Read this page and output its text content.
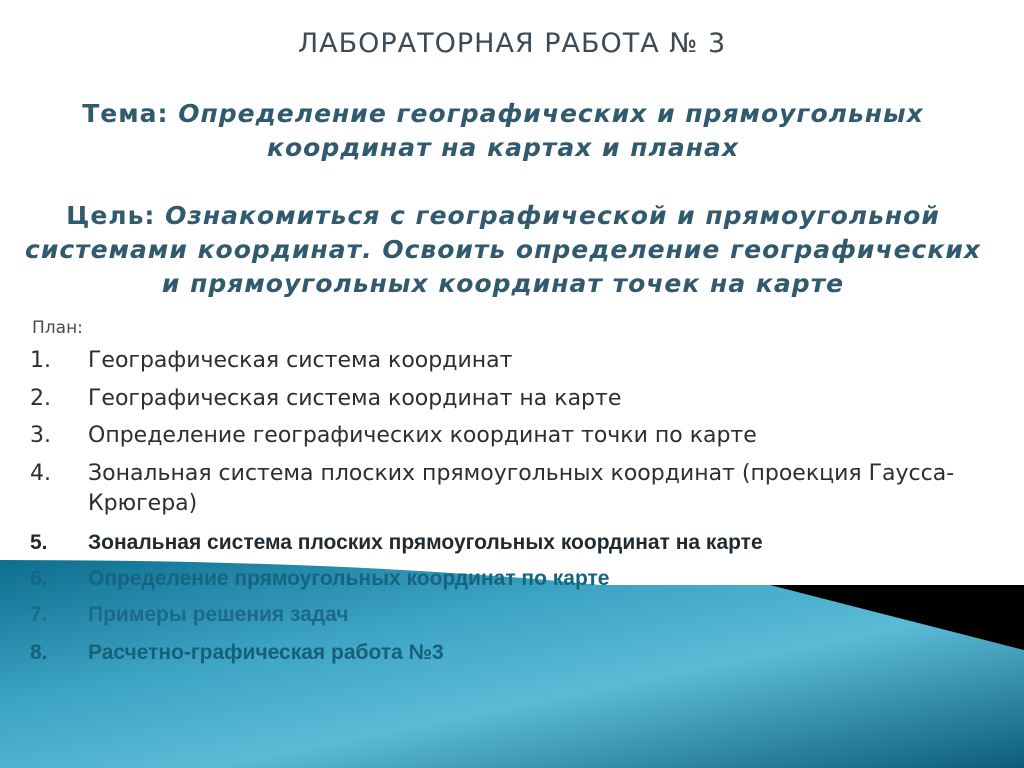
ЛАБОРАТОРНАЯ РАБОТА № 3
Тема: Определение географических и прямоугольных координат на картах и планах
Цель: Ознакомиться с географической и прямоугольной системами координат. Освоить определение географических и прямоугольных координат точек на карте
План:
1.	Географическая система координат
2.	Географическая система координат на карте
3.	Определение географических координат точки по карте
4.	Зональная система плоских прямоугольных координат (проекция Гаусса-Крюгера)
5.	Зональная система плоских прямоугольных координат на карте
6.	Определение прямоугольных координат по карте
7.	Примеры решения задач
8.	Расчетно-графическая работа №3
